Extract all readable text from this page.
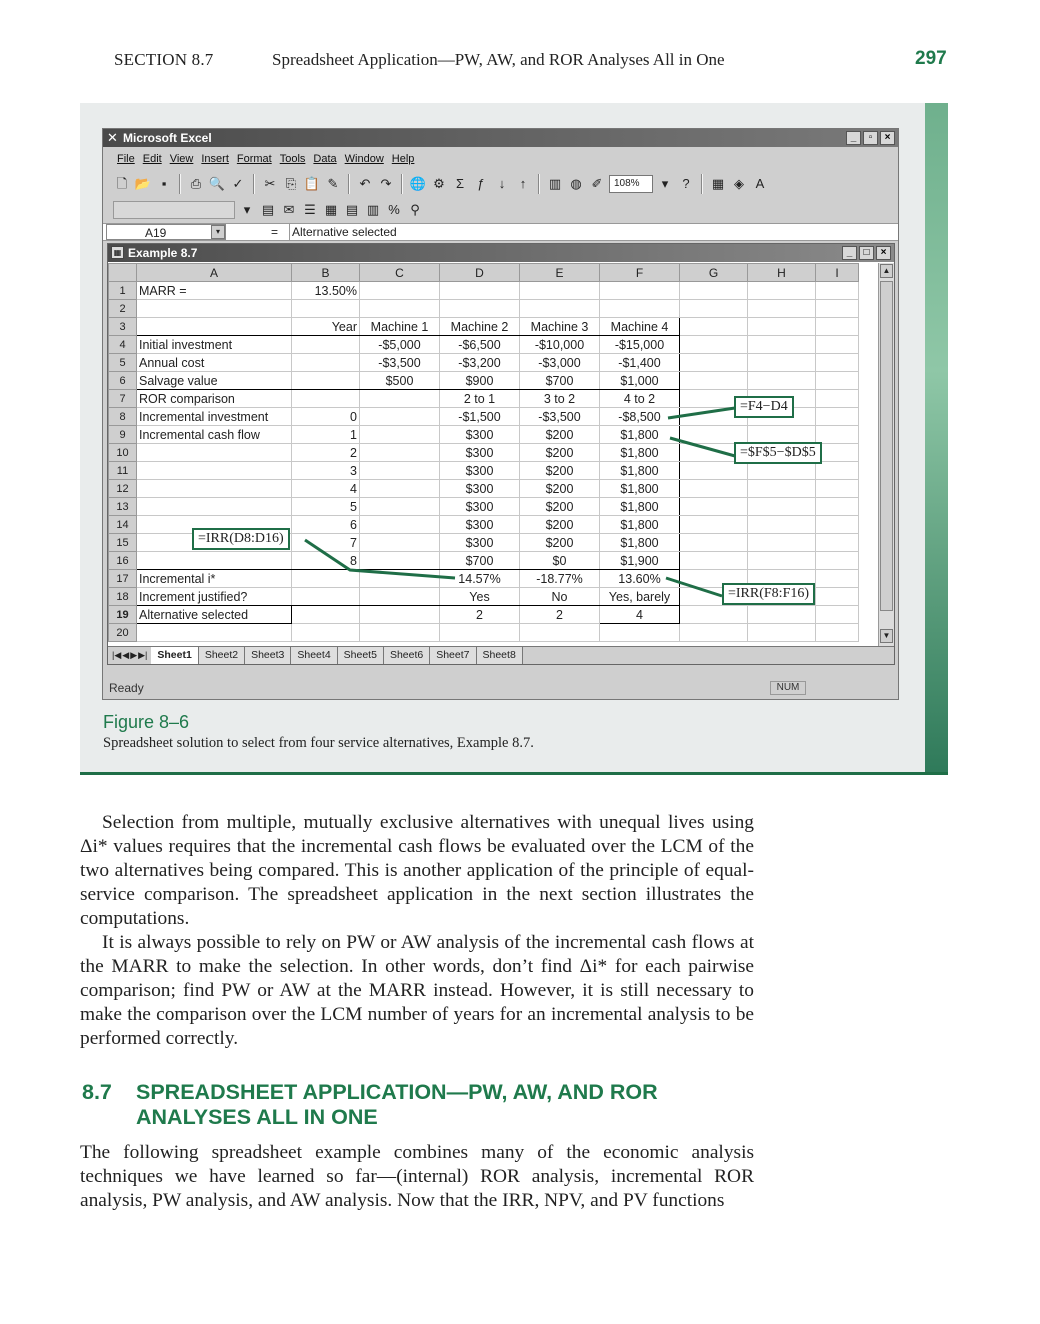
SECTION 8.7	Spreadsheet Application—PW, AW, and ROR Analyses All in One	297
✕ Microsoft Excel	_	▫	×
File Edit View Insert Format Tools Data Window Help
🗋 📂 ▪	⎙ 🔍 ✓ ✂ ⎘ 📋 ✎ ↶ ↷ 🌐 ⚙ Σ	ƒ	↓	↑	▥ ◍ ✐	108%	▾	?	▦ ◈ A
▾ ▤ ✉ ☰ ▦ ▤ ▥ % ⚲
A19	▾	= Alternative selected
▦ Example 8.7	_	□	×
	A	B	C	D	E	F	G	H	I
1	MARR =	13.50%							
2									
3		Year	Machine 1	Machine 2	Machine 3	Machine 4			
4	Initial investment		-$5,000	-$6,500	-$10,000	-$15,000			
5	Annual cost		-$3,500	-$3,200	-$3,000	-$1,400			
6	Salvage value		$500	$900	$700	$1,000			
7	ROR comparison			2 to 1	3 to 2	4 to 2			
8	Incremental investment	0		-$1,500	-$3,500	-$8,500			
9	Incremental cash flow	1		$300	$200	$1,800			
10		2		$300	$200	$1,800			
11		3		$300	$200	$1,800			
12		4		$300	$200	$1,800			
13		5		$300	$200	$1,800			
14		6		$300	$200	$1,800			
15		7		$300	$200	$1,800			
16		8		$700	$0	$1,900			
17	Incremental i*			14.57%	-18.77%	13.60%			
18	Increment justified?			Yes	No	Yes, barely			
19	Alternative selected			2	2	4			
20									
▲
▼
|◀ ◀ ▶ ▶| Sheet1	Sheet2	Sheet3	Sheet4	Sheet5	Sheet6	Sheet7	Sheet8
Ready	NUM
=IRR(D8:D16)
=F4−D4
=$F$5−$D$5
=IRR(F8:F16)
Figure 8–6
Spreadsheet solution to select from four service alternatives, Example 8.7.
Selection from multiple, mutually exclusive alternatives with unequal lives using Δi* values requires that the incremental cash flows be evaluated over the LCM of the two alternatives being compared. This is another application of the principle of equal-service comparison. The spreadsheet application in the next section illustrates the computations.
It is always possible to rely on PW or AW analysis of the incremental cash flows at the MARR to make the selection. In other words, don’t find Δi* for each pairwise comparison; find PW or AW at the MARR instead. However, it is still necessary to make the comparison over the LCM number of years for an incremental analysis to be performed correctly.
8.7 SPREADSHEET APPLICATION—PW, AW, AND ROR ANALYSES ALL IN ONE
The following spreadsheet example combines many of the economic analysis techniques we have learned so far—(internal) ROR analysis, incremental ROR analysis, PW analysis, and AW analysis. Now that the IRR, NPV, and PV functions
